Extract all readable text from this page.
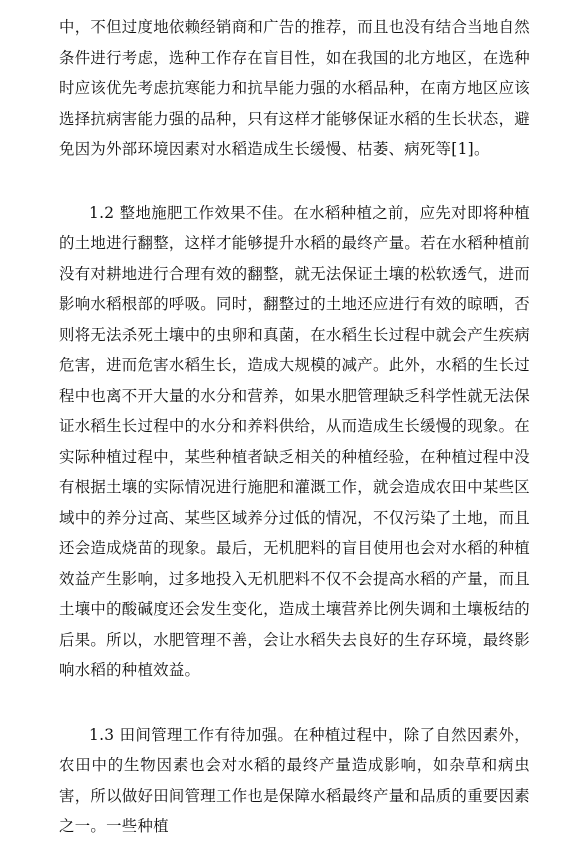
中，不但过度地依赖经销商和广告的推荐，而且也没有结合当地自然条件进行考虑，选种工作存在盲目性，如在我国的北方地区，在选种时应该优先考虑抗寒能力和抗旱能力强的水稻品种，在南方地区应该选择抗病害能力强的品种，只有这样才能够保证水稻的生长状态，避免因为外部环境因素对水稻造成生长缓慢、枯萎、病死等[1]。

1.2 整地施肥工作效果不佳。在水稻种植之前，应先对即将种植的土地进行翻整，这样才能够提升水稻的最终产量。若在水稻种植前没有对耕地进行合理有效的翻整，就无法保证土壤的松软透气，进而影响水稻根部的呼吸。同时，翻整过的土地还应进行有效的晾晒，否则将无法杀死土壤中的虫卵和真菌，在水稻生长过程中就会产生疾病危害，进而危害水稻生长，造成大规模的减产。此外，水稻的生长过程中也离不开大量的水分和营养，如果水肥管理缺乏科学性就无法保证水稻生长过程中的水分和养料供给，从而造成生长缓慢的现象。在实际种植过程中，某些种植者缺乏相关的种植经验，在种植过程中没有根据土壤的实际情况进行施肥和灌溉工作，就会造成农田中某些区域中的养分过高、某些区域养分过低的情况，不仅污染了土地，而且还会造成烧苗的现象。最后，无机肥料的盲目使用也会对水稻的种植效益产生影响，过多地投入无机肥料不仅不会提高水稻的产量，而且土壤中的酸碱度还会发生变化，造成土壤营养比例失调和土壤板结的后果。所以，水肥管理不善，会让水稻失去良好的生存环境，最终影响水稻的种植效益。

1.3 田间管理工作有待加强。在种植过程中，除了自然因素外，农田中的生物因素也会对水稻的最终产量造成影响，如杂草和病虫害，所以做好田间管理工作也是保障水稻最终产量和品质的重要因素之一。一些种植
